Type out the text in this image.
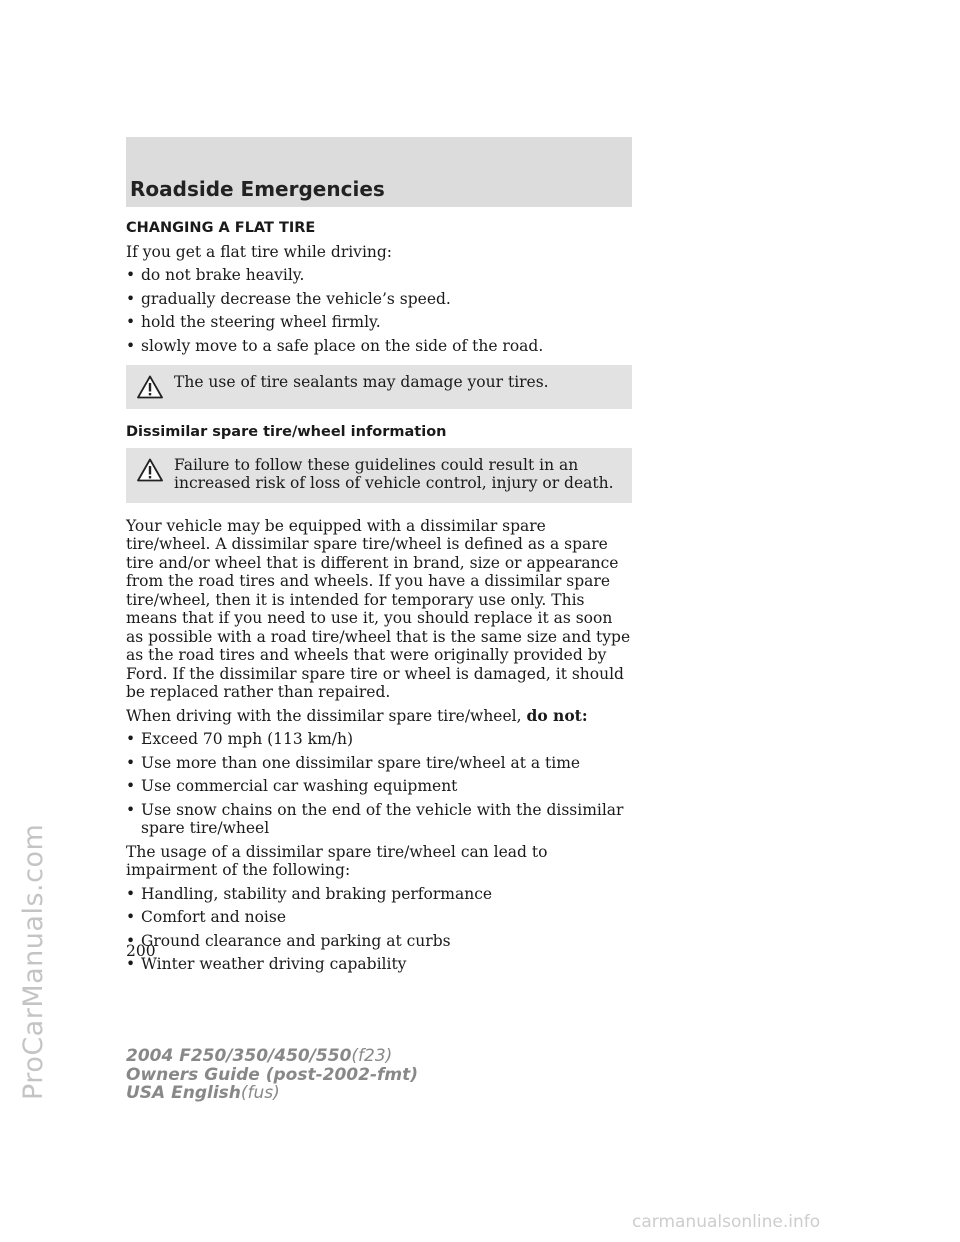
ProCarManuals.com
Roadside Emergencies
CHANGING A FLAT TIRE

If you get a flat tire while driving:

• do not brake heavily.
• gradually decrease the vehicle’s speed.
• hold the steering wheel firmly.
• slowly move to a safe place on the side of the road.
The use of tire sealants may damage your tires.
Dissimilar spare tire/wheel information
Failure to follow these guidelines could result in an increased risk of loss of vehicle control, injury or death.

Your vehicle may be equipped with a dissimilar spare tire/wheel. A dissimilar spare tire/wheel is defined as a spare tire and/or wheel that is different in brand, size or appearance from the road tires and wheels. If you have a dissimilar spare tire/wheel, then it is intended for temporary use only. This means that if you need to use it, you should replace it as soon as possible with a road tire/wheel that is the same size and type as the road tires and wheels that were originally provided by Ford. If the dissimilar spare tire or wheel is damaged, it should be replaced rather than repaired.

When driving with the dissimilar spare tire/wheel, do not:

• Exceed 70 mph (113 km/h)
• Use more than one dissimilar spare tire/wheel at a time
• Use commercial car washing equipment
• Use snow chains on the end of the vehicle with the dissimilar spare tire/wheel

The usage of a dissimilar spare tire/wheel can lead to impairment of the following:

• Handling, stability and braking performance
• Comfort and noise
• Ground clearance and parking at curbs
• Winter weather driving capability
200
2004 F250/350/450/550(f23)
Owners Guide (post-2002-fmt)
USA English(fus)
carmanualsonline.info
